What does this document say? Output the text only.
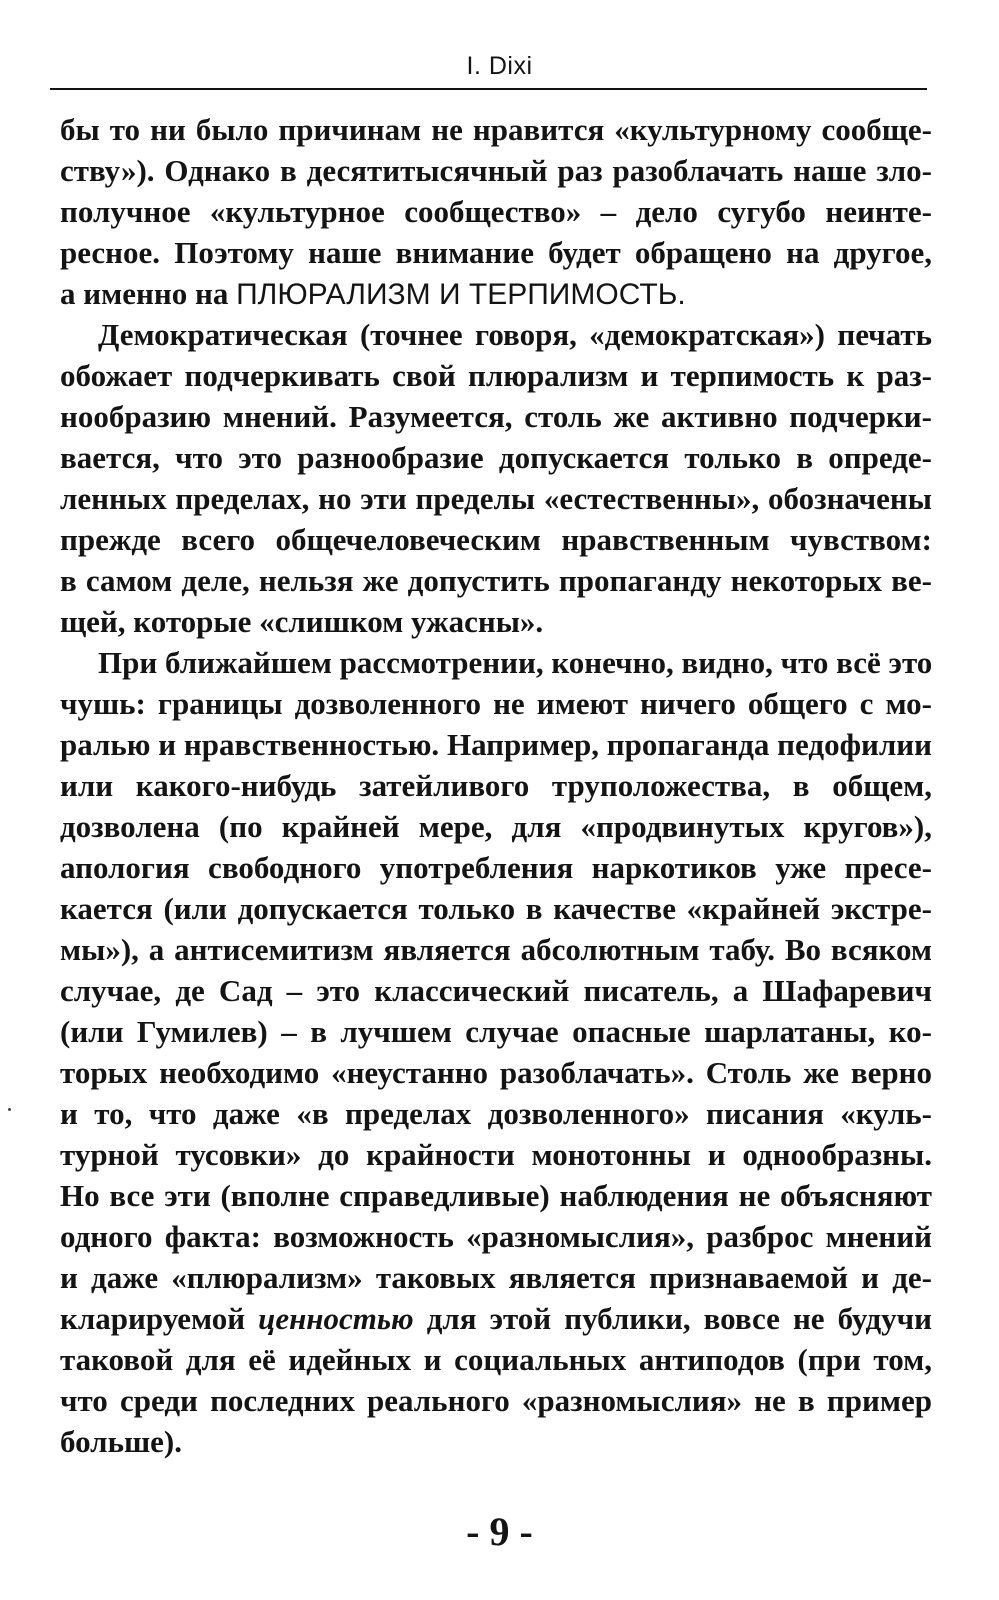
I. Dixi
бы то ни было причинам не нравится «культурному сообще-
ству»). Однако в десятитысячный раз разоблачать наше зло-
получное «культурное сообщество» – дело сугубо неинте-
ресное. Поэтому наше внимание будет обращено на другое,
а именно на ПЛЮРАЛИЗМ И ТЕРПИМОСТЬ.
Демократическая (точнее говоря, «демократская») печать
обожает подчеркивать свой плюрализм и терпимость к раз-
нообразию мнений. Разумеется, столь же активно подчерки-
вается, что это разнообразие допускается только в опреде-
ленных пределах, но эти пределы «естественны», обозначены
прежде всего общечеловеческим нравственным чувством:
в самом деле, нельзя же допустить пропаганду некоторых ве-
щей, которые «слишком ужасны».
При ближайшем рассмотрении, конечно, видно, что всё это
чушь: границы дозволенного не имеют ничего общего с мо-
ралью и нравственностью. Например, пропаганда педофилии
или какого-нибудь затейливого труположества, в общем,
дозволена (по крайней мере, для «продвинутых кругов»),
апология свободного употребления наркотиков уже пресе-
кается (или допускается только в качестве «крайней экстре-
мы»), а антисемитизм является абсолютным табу. Во всяком
случае, де Сад – это классический писатель, а Шафаревич
(или Гумилев) – в лучшем случае опасные шарлатаны, ко-
торых необходимо «неустанно разоблачать». Столь же верно
и то, что даже «в пределах дозволенного» писания «куль-
турной тусовки» до крайности монотонны и однообразны.
Но все эти (вполне справедливые) наблюдения не объясняют
одного факта: возможность «разномыслия», разброс мнений
и даже «плюрализм» таковых является признаваемой и де-
кларируемой ценностью для этой публики, вовсе не будучи
таковой для её идейных и социальных антиподов (при том,
что среди последних реального «разномыслия» не в пример
больше).
- 9 -
